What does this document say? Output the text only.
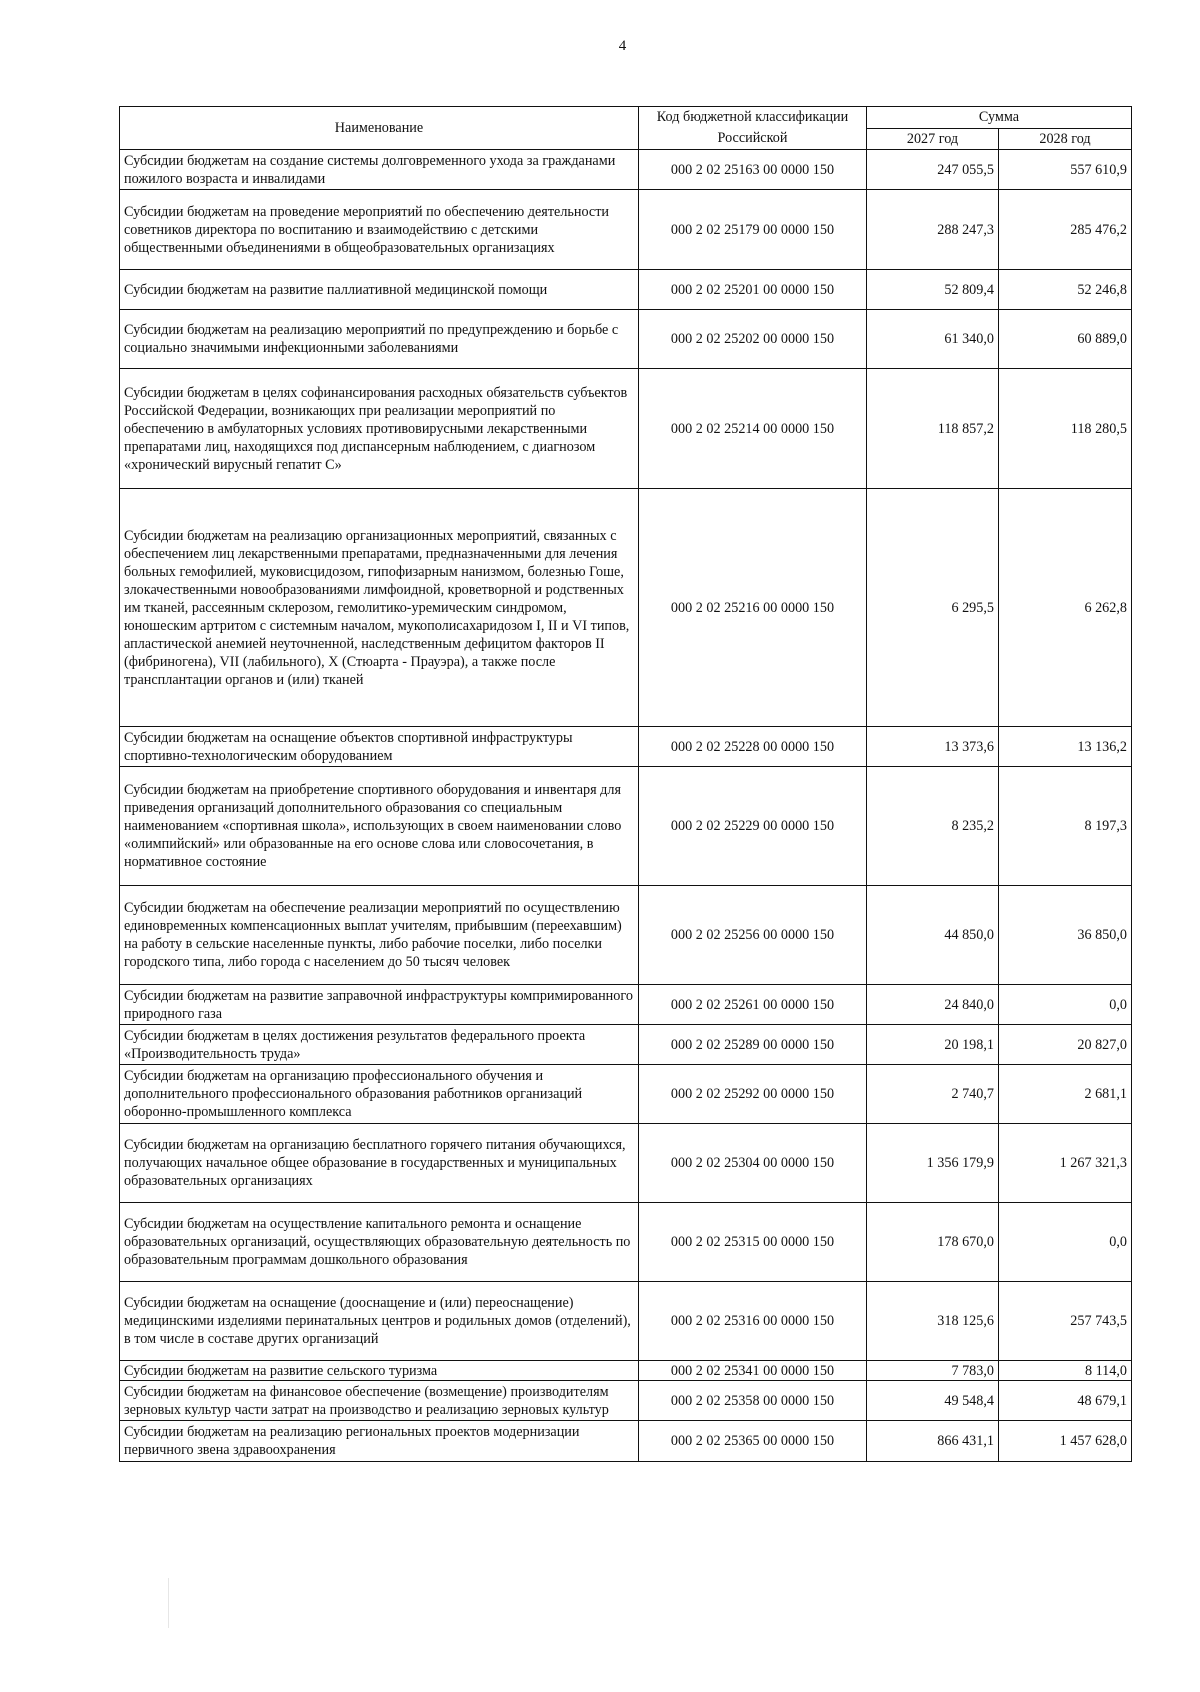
4
Наименование	Код бюджетной классификации Российской	Сумма	
		2027 год	2028 год
Субсидии бюджетам на создание системы долговременного ухода за гражданами пожилого возраста и инвалидами	000 2 02 25163 00 0000 150	247 055,5	557 610,9
Субсидии бюджетам на проведение мероприятий по обеспечению деятельности советников директора по воспитанию и взаимодействию с детскими общественными объединениями в общеобразовательных организациях	000 2 02 25179 00 0000 150	288 247,3	285 476,2
Субсидии бюджетам на развитие паллиативной медицинской помощи	000 2 02 25201 00 0000 150	52 809,4	52 246,8
Субсидии бюджетам на реализацию мероприятий по предупреждению и борьбе с социально значимыми инфекционными заболеваниями	000 2 02 25202 00 0000 150	61 340,0	60 889,0
Субсидии бюджетам в целях софинансирования расходных обязательств субъектов Российской Федерации, возникающих при реализации мероприятий по обеспечению в амбулаторных условиях противовирусными лекарственными препаратами лиц, находящихся под диспансерным наблюдением, с диагнозом «хронический вирусный гепатит С»	000 2 02 25214 00 0000 150	118 857,2	118 280,5
Субсидии бюджетам на реализацию организационных мероприятий, связанных с обеспечением лиц лекарственными препаратами, предназначенными для лечения больных гемофилией, муковисцидозом, гипофизарным нанизмом, болезнью Гоше, злокачественными новообразованиями лимфоидной, кроветворной и родственных им тканей, рассеянным склерозом, гемолитико-уремическим синдромом, юношеским артритом с системным началом, мукополисахаридозом I, II и VI типов, апластической анемией неуточненной, наследственным дефицитом факторов II (фибриногена), VII (лабильного), X (Стюарта - Прауэра), а также после трансплантации органов и (или) тканей	000 2 02 25216 00 0000 150	6 295,5	6 262,8
Субсидии бюджетам на оснащение объектов спортивной инфраструктуры спортивно-технологическим оборудованием	000 2 02 25228 00 0000 150	13 373,6	13 136,2
Субсидии бюджетам на приобретение спортивного оборудования и инвентаря для приведения организаций дополнительного образования со специальным наименованием «спортивная школа», использующих в своем наименовании слово «олимпийский» или образованные на его основе слова или словосочетания, в нормативное состояние	000 2 02 25229 00 0000 150	8 235,2	8 197,3
Субсидии бюджетам на обеспечение реализации мероприятий по осуществлению единовременных компенсационных выплат учителям, прибывшим (переехавшим) на работу в сельские населенные пункты, либо рабочие поселки, либо поселки городского типа, либо города с населением до 50 тысяч человек	000 2 02 25256 00 0000 150	44 850,0	36 850,0
Субсидии бюджетам на развитие заправочной инфраструктуры компримированного природного газа	000 2 02 25261 00 0000 150	24 840,0	0,0
Субсидии бюджетам в целях достижения результатов федерального проекта «Производительность труда»	000 2 02 25289 00 0000 150	20 198,1	20 827,0
Субсидии бюджетам на организацию профессионального обучения и дополнительного профессионального образования работников организаций оборонно-промышленного комплекса	000 2 02 25292 00 0000 150	2 740,7	2 681,1
Субсидии бюджетам на организацию бесплатного горячего питания обучающихся, получающих начальное общее образование в государственных и муниципальных образовательных организациях	000 2 02 25304 00 0000 150	1 356 179,9	1 267 321,3
Субсидии бюджетам на осуществление капитального ремонта и оснащение образовательных организаций, осуществляющих образовательную деятельность по образовательным программам дошкольного образования	000 2 02 25315 00 0000 150	178 670,0	0,0
Субсидии бюджетам на оснащение (дооснащение и (или) переоснащение) медицинскими изделиями перинатальных центров и родильных домов (отделений), в том числе в составе других организаций	000 2 02 25316 00 0000 150	318 125,6	257 743,5
Субсидии бюджетам на развитие сельского туризма	000 2 02 25341 00 0000 150	7 783,0	8 114,0
Субсидии бюджетам на финансовое обеспечение (возмещение) производителям зерновых культур части затрат на производство и реализацию зерновых культур	000 2 02 25358 00 0000 150	49 548,4	48 679,1
Субсидии бюджетам на реализацию региональных проектов модернизации первичного звена здравоохранения	000 2 02 25365 00 0000 150	866 431,1	1 457 628,0
